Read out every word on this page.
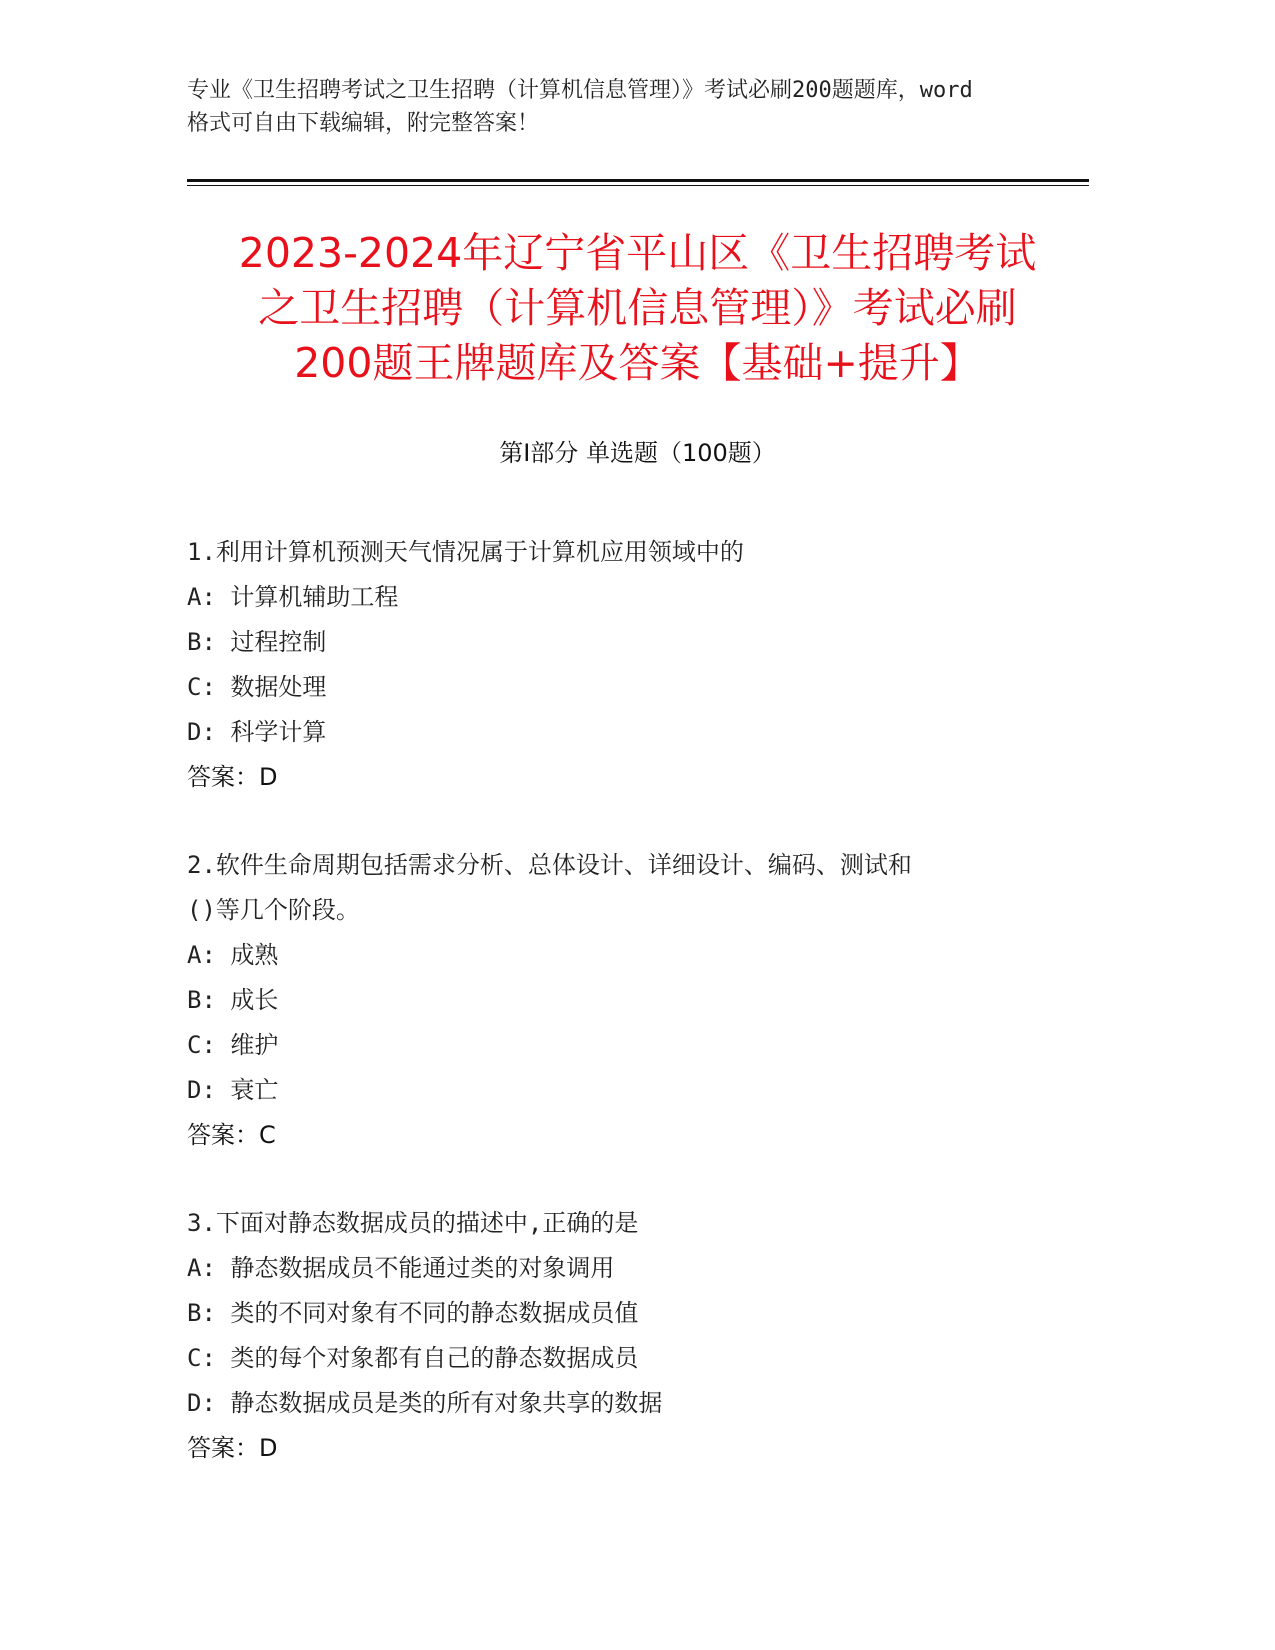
专业《卫生招聘考试之卫生招聘（计算机信息管理）》考试必刷200题题库，word
格式可自由下载编辑，附完整答案！
2023-2024年辽宁省平山区《卫生招聘考试
之卫生招聘（计算机信息管理）》考试必刷
200题王牌题库及答案【基础+提升】
第Ⅰ部分 单选题（100题）
1.利用计算机预测天气情况属于计算机应用领域中的
A: 计算机辅助工程
B: 过程控制
C: 数据处理
D: 科学计算
答案：D
2.软件生命周期包括需求分析、总体设计、详细设计、编码、测试和
()等几个阶段。
A: 成熟
B: 成长
C: 维护
D: 衰亡
答案：C
3.下面对静态数据成员的描述中,正确的是
A: 静态数据成员不能通过类的对象调用
B: 类的不同对象有不同的静态数据成员值
C: 类的每个对象都有自己的静态数据成员
D: 静态数据成员是类的所有对象共享的数据
答案：D
